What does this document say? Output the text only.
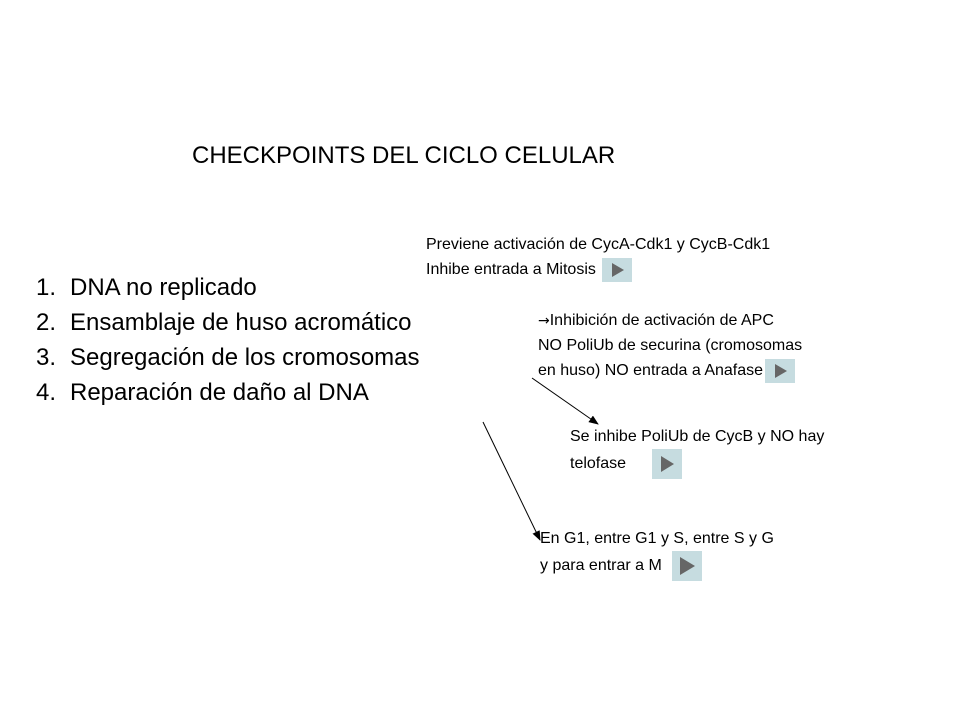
CHECKPOINTS DEL CICLO CELULAR
1. DNA no replicado
2. Ensamblaje de huso acromático
3. Segregación de los cromosomas
4. Reparación de daño al DNA
Previene activación de CycA-Cdk1 y CycB-Cdk1
Inhibe entrada a Mitosis
→Inhibición de activación de APC
NO PoliUb de securina (cromosomas
en huso) NO entrada a Anafase
Se inhibe PoliUb de CycB y NO hay
telofase
En G1, entre G1 y S, entre S y G
y para entrar a M
